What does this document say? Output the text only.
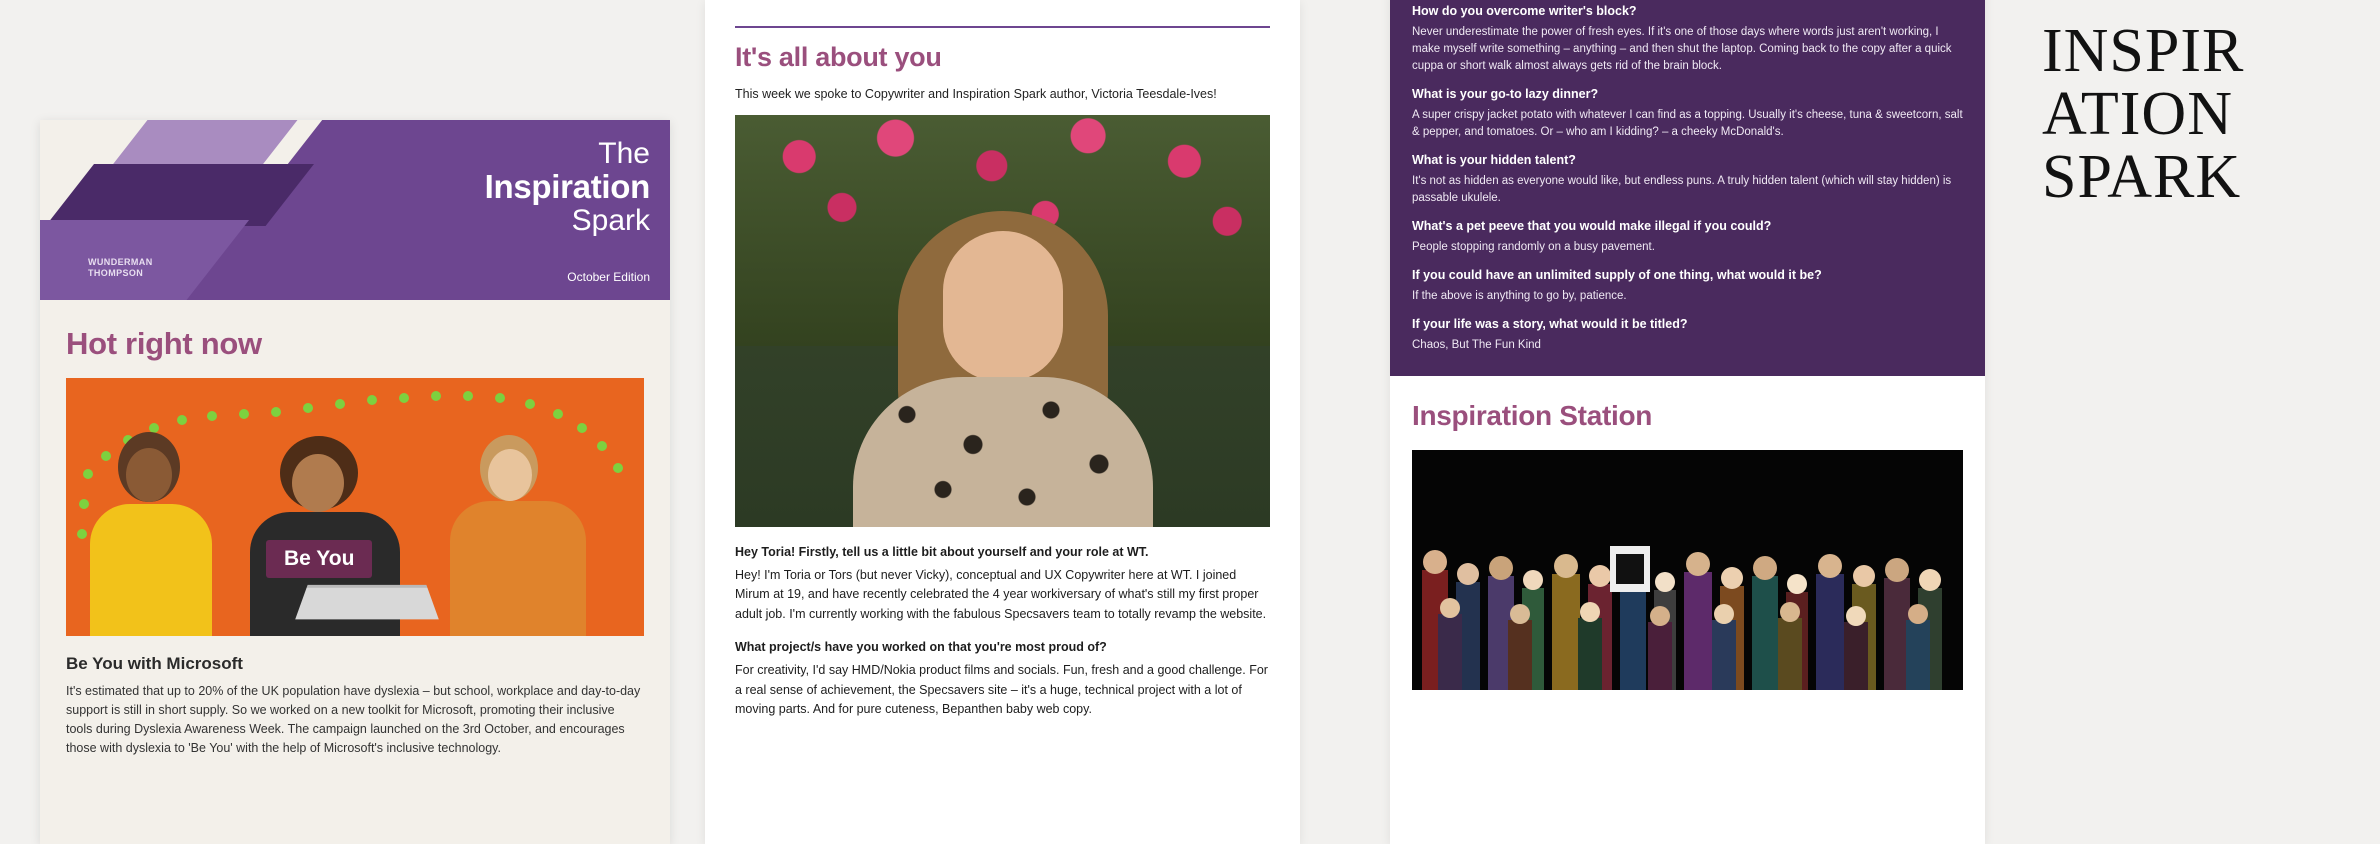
WUNDERMAN
THOMPSON
The
Inspiration
Spark
October Edition
Hot right now
Be You
Be You with Microsoft
It's estimated that up to 20% of the UK population have dyslexia – but school, workplace and day-to-day support is still in short supply. So we worked on a new toolkit for Microsoft, promoting their inclusive tools during Dyslexia Awareness Week. The campaign launched on the 3rd October, and encourages those with dyslexia to 'Be You' with the help of Microsoft's inclusive technology.
It's all about you
This week we spoke to Copywriter and Inspiration Spark author, Victoria Teesdale-Ives!
Hey Toria! Firstly, tell us a little bit about yourself and your role at WT.
Hey! I'm Toria or Tors (but never Vicky), conceptual and UX Copywriter here at WT. I joined Mirum at 19, and have recently celebrated the 4 year workiversary of what's still my first proper adult job. I'm currently working with the fabulous Specsavers team to totally revamp the website.
What project/s have you worked on that you're most proud of?
For creativity, I'd say HMD/Nokia product films and socials. Fun, fresh and a good challenge. For a real sense of achievement, the Specsavers site – it's a huge, technical project with a lot of moving parts. And for pure cuteness, Bepanthen baby web copy.
How do you overcome writer's block?
Never underestimate the power of fresh eyes. If it's one of those days where words just aren't working, I make myself write something – anything – and then shut the laptop. Coming back to the copy after a quick cuppa or short walk almost always gets rid of the brain block.
What is your go-to lazy dinner?
A super crispy jacket potato with whatever I can find as a topping. Usually it's cheese, tuna & sweetcorn, salt & pepper, and tomatoes. Or – who am I kidding? – a cheeky McDonald's.
What is your hidden talent?
It's not as hidden as everyone would like, but endless puns. A truly hidden talent (which will stay hidden) is passable ukulele.
What's a pet peeve that you would make illegal if you could?
People stopping randomly on a busy pavement.
If you could have an unlimited supply of one thing, what would it be?
If the above is anything to go by, patience.
If your life was a story, what would it be titled?
Chaos, But The Fun Kind
Inspiration Station
INSPIR
ATION
SPARK
